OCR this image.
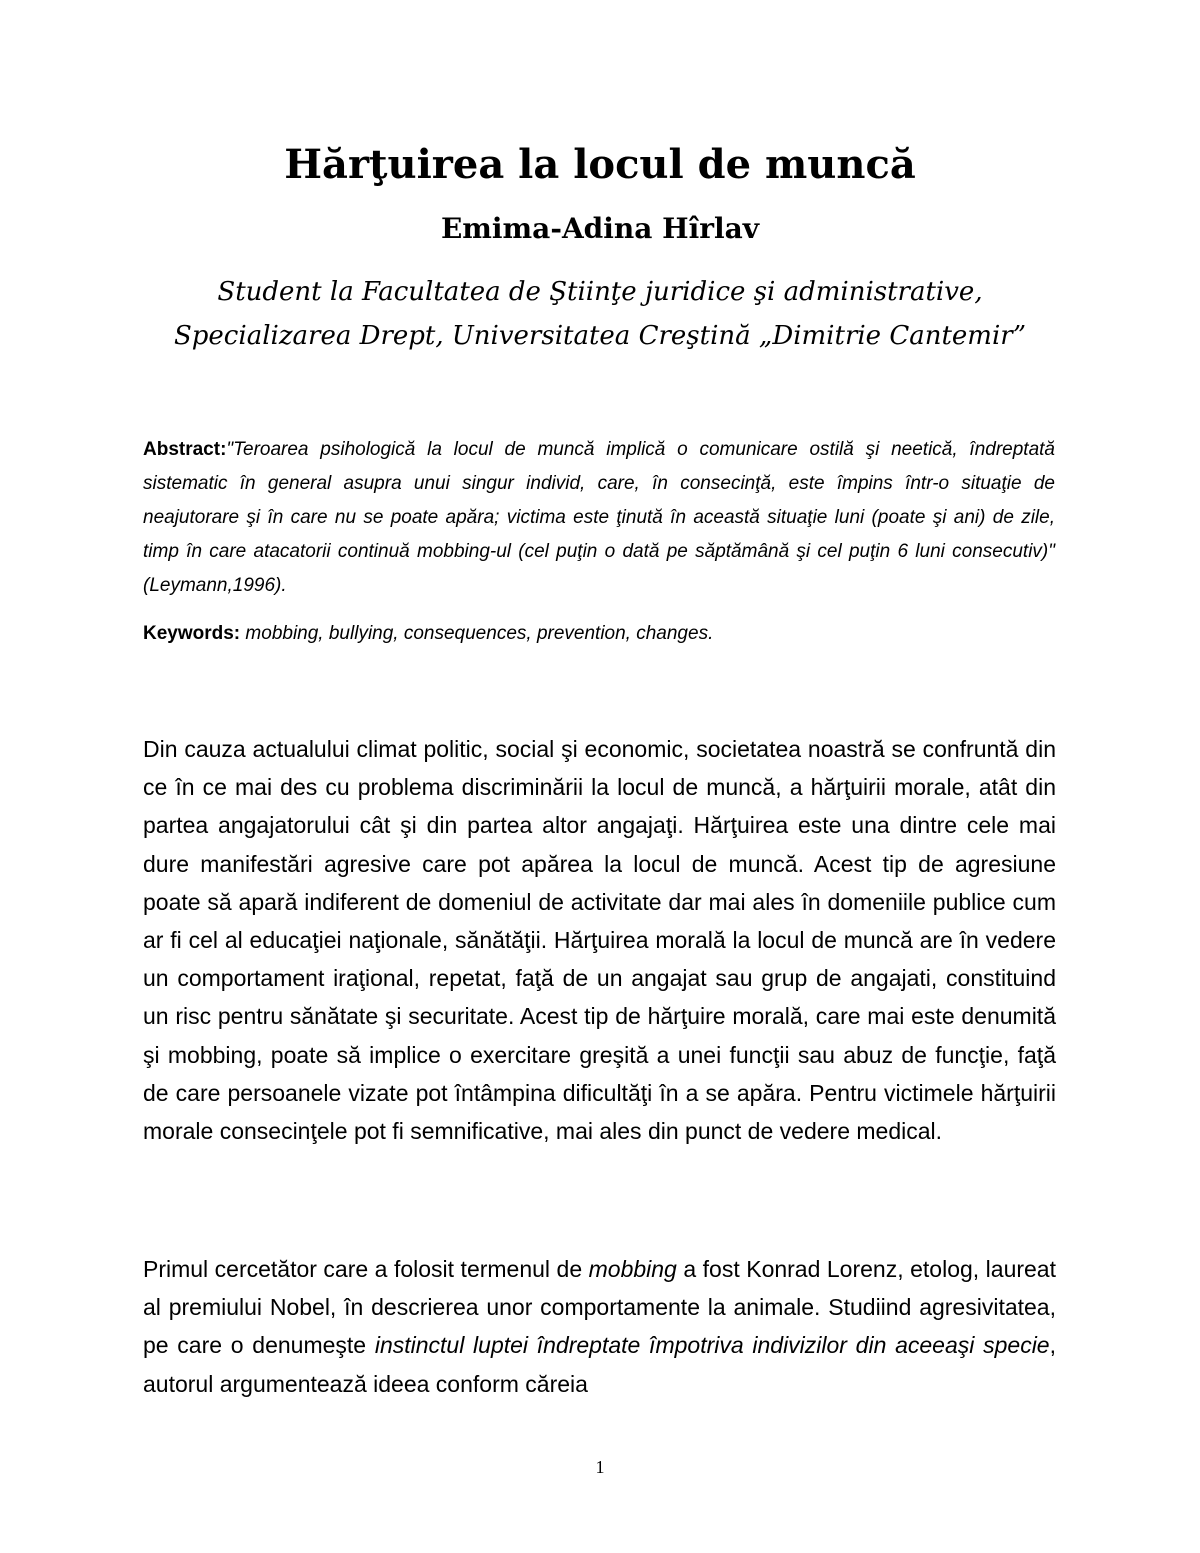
Hărţuirea la locul de muncă
Emima-Adina Hîrlav
Student la Facultatea de Ştiinţe juridice şi administrative,
Specializarea Drept, Universitatea Creştină „Dimitrie Cantemir”

Abstract:"Teroarea psihologică la locul de muncă implică o comunicare ostilă şi neetică, îndreptată sistematic în general asupra unui singur individ, care, în consecinţă, este împins într-o situaţie de neajutorare şi în care nu se poate apăra; victima este ţinută în această situaţie luni (poate şi ani) de zile, timp în care atacatorii continuă mobbing-ul (cel puţin o dată pe săptămână şi cel puţin 6 luni consecutiv)" (Leymann,1996).

Keywords: mobbing, bullying, consequences, prevention, changes.

Din cauza actualului climat politic, social şi economic, societatea noastră se confruntă din ce în ce mai des cu problema discriminării la locul de muncă, a hărţuirii morale, atât din partea angajatorului cât şi din partea altor angajaţi. Hărţuirea este una dintre cele mai dure manifestări agresive care pot apărea la locul de muncă. Acest tip de agresiune poate să apară indiferent de domeniul de activitate dar mai ales în domeniile publice cum ar fi cel al educaţiei naţionale, sănătăţii. Hărţuirea morală la locul de muncă are în vedere un comportament iraţional, repetat, faţă de un angajat sau grup de angajati, constituind un risc pentru sănătate şi securitate. Acest tip de hărţuire morală, care mai este denumită şi mobbing, poate să implice o exercitare greşită a unei funcţii sau abuz de funcţie, faţă de care persoanele vizate pot întâmpina dificultăţi în a se apăra. Pentru victimele hărţuirii morale consecinţele pot fi semnificative, mai ales din punct de vedere medical.

Primul cercetător care a folosit termenul de mobbing a fost Konrad Lorenz, etolog, laureat al premiului Nobel, în descrierea unor comportamente la animale. Studiind agresivitatea, pe care o denumeşte instinctul luptei îndreptate împotriva indivizilor din aceeaşi specie, autorul argumentează ideea conform căreia

1
